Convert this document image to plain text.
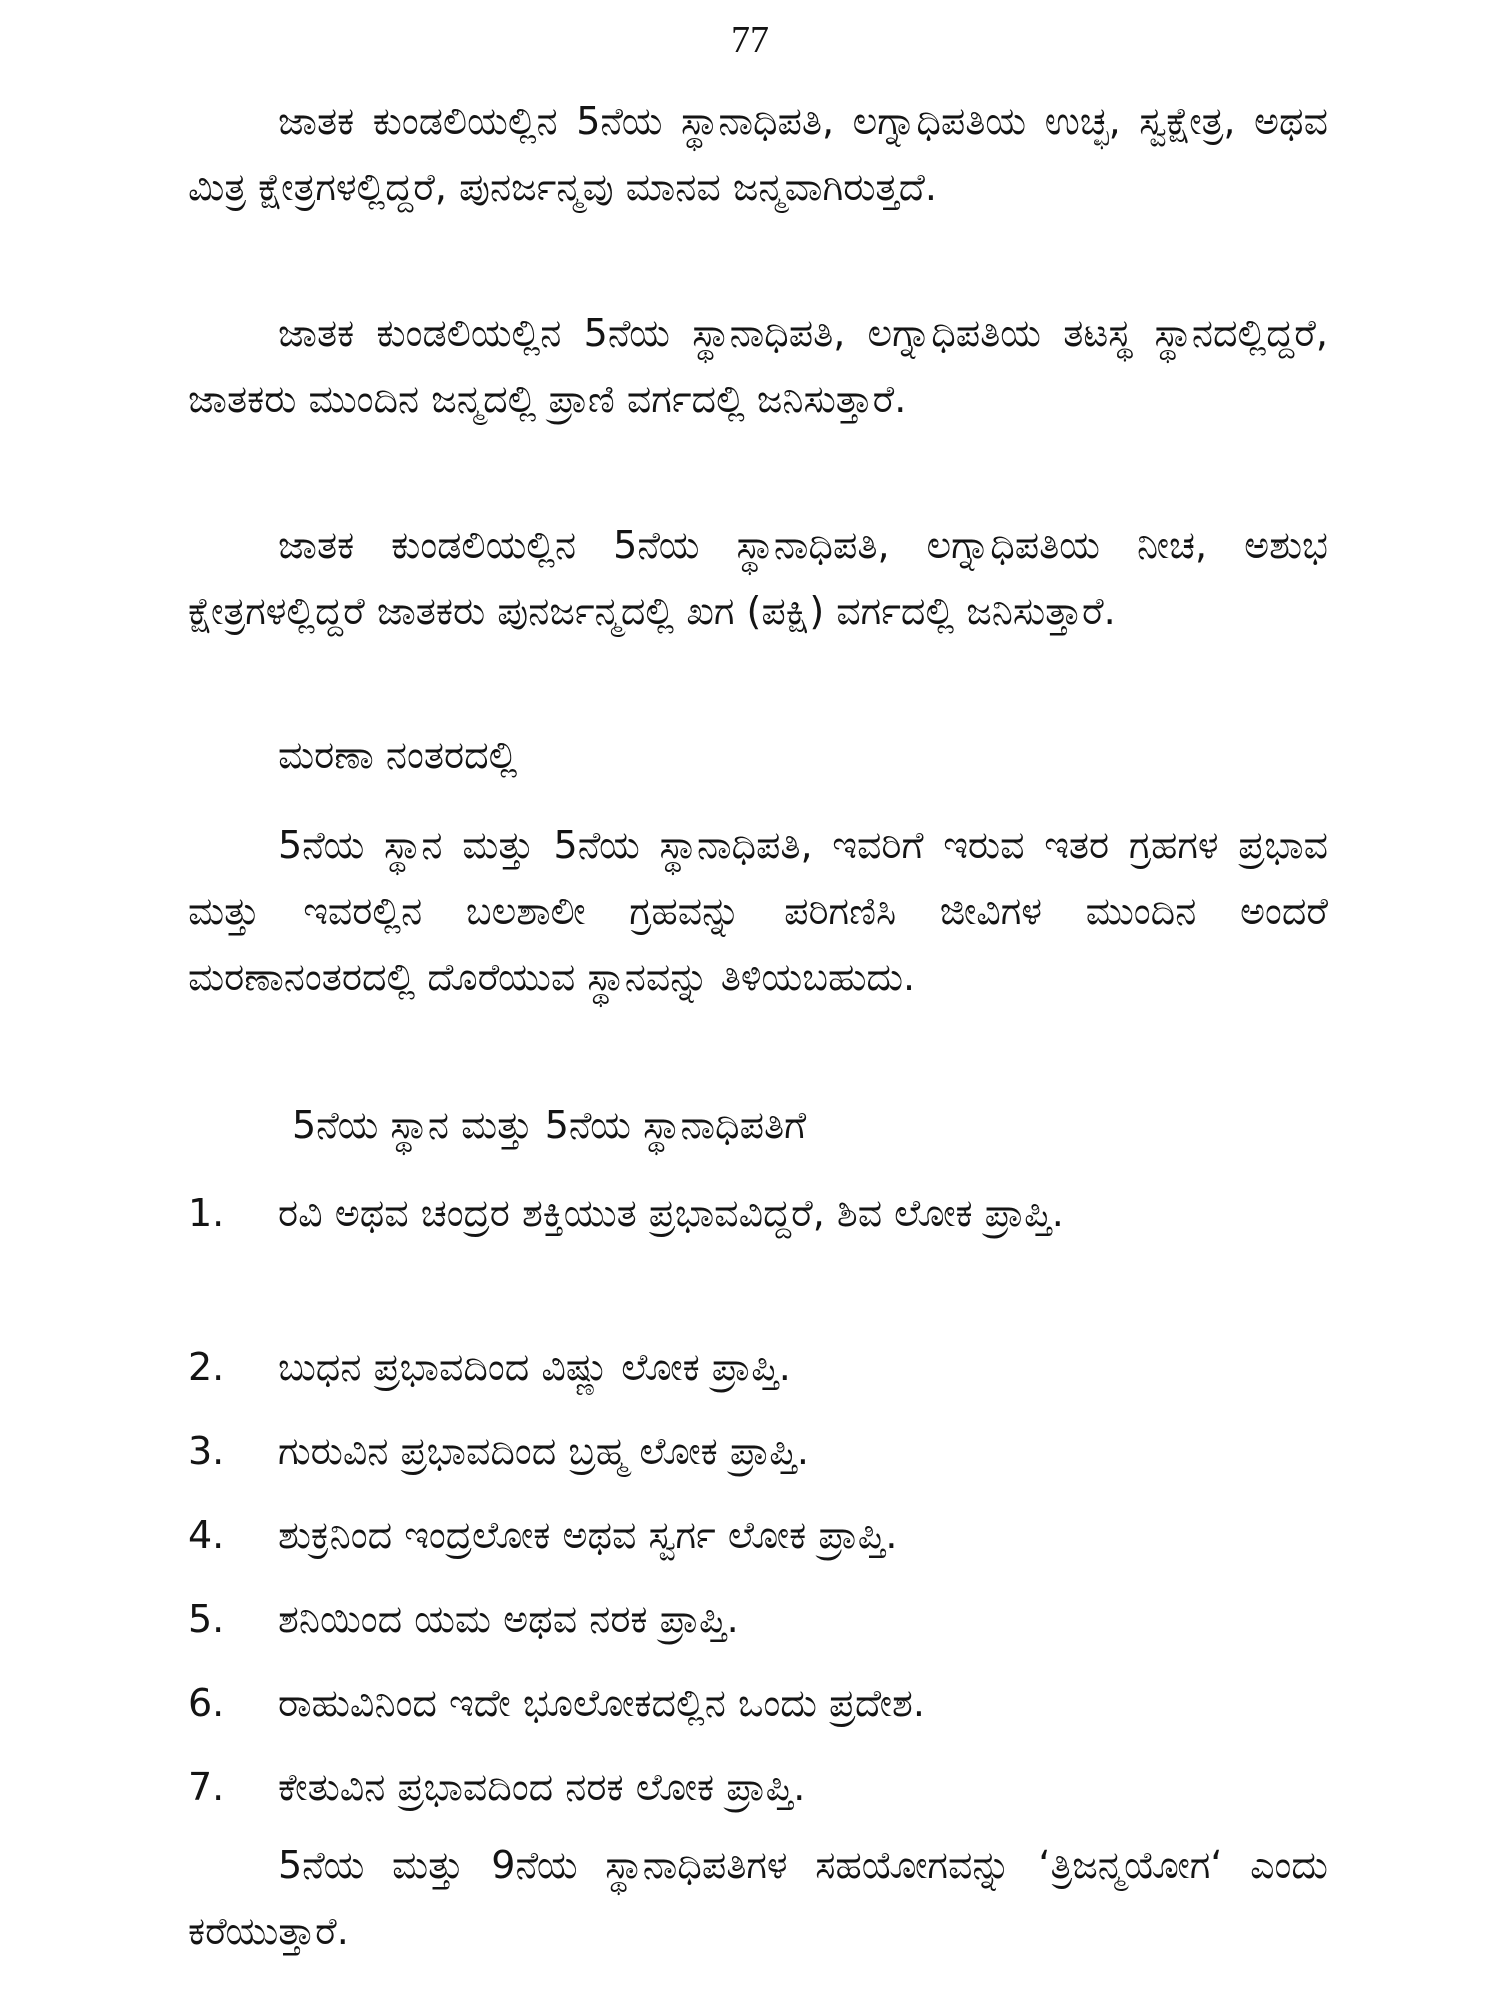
77

ಜಾತಕ ಕುಂಡಲಿಯಲ್ಲಿನ 5ನೆಯ ಸ್ಥಾನಾಧಿಪತಿ, ಲಗ್ನಾಧಿಪತಿಯ ಉಚ್ಛ, ಸ್ವಕ್ಷೇತ್ರ, ಅಥವ ಮಿತ್ರ ಕ್ಷೇತ್ರಗಳಲ್ಲಿದ್ದರೆ, ಪುನರ್ಜನ್ಮವು ಮಾನವ ಜನ್ಮವಾಗಿರುತ್ತದೆ.

ಜಾತಕ ಕುಂಡಲಿಯಲ್ಲಿನ 5ನೆಯ ಸ್ಥಾನಾಧಿಪತಿ, ಲಗ್ನಾಧಿಪತಿಯ ತಟಸ್ಥ ಸ್ಥಾನದಲ್ಲಿದ್ದರೆ, ಜಾತಕರು ಮುಂದಿನ ಜನ್ಮದಲ್ಲಿ ಪ್ರಾಣಿ ವರ್ಗದಲ್ಲಿ ಜನಿಸುತ್ತಾರೆ.

ಜಾತಕ ಕುಂಡಲಿಯಲ್ಲಿನ 5ನೆಯ ಸ್ಥಾನಾಧಿಪತಿ, ಲಗ್ನಾಧಿಪತಿಯ ನೀಚ, ಅಶುಭ ಕ್ಷೇತ್ರಗಳಲ್ಲಿದ್ದರೆ ಜಾತಕರು ಪುನರ್ಜನ್ಮದಲ್ಲಿ ಖಗ (ಪಕ್ಷಿ) ವರ್ಗದಲ್ಲಿ ಜನಿಸುತ್ತಾರೆ.

ಮರಣಾ ನಂತರದಲ್ಲಿ

5ನೆಯ ಸ್ಥಾನ ಮತ್ತು 5ನೆಯ ಸ್ಥಾನಾಧಿಪತಿ, ಇವರಿಗೆ ಇರುವ ಇತರ ಗ್ರಹಗಳ ಪ್ರಭಾವ ಮತ್ತು ಇವರಲ್ಲಿನ ಬಲಶಾಲೀ ಗ್ರಹವನ್ನು ಪರಿಗಣಿಸಿ ಜೀವಿಗಳ ಮುಂದಿನ ಅಂದರೆ ಮರಣಾನಂತರದಲ್ಲಿ ದೊರೆಯುವ ಸ್ಥಾನವನ್ನು ತಿಳಿಯಬಹುದು.

5ನೆಯ ಸ್ಥಾನ ಮತ್ತು 5ನೆಯ ಸ್ಥಾನಾಧಿಪತಿಗೆ
1.	ರವಿ ಅಥವ ಚಂದ್ರರ ಶಕ್ತಿಯುತ ಪ್ರಭಾವವಿದ್ದರೆ, ಶಿವ ಲೋಕ ಪ್ರಾಪ್ತಿ.
2.	ಬುಧನ ಪ್ರಭಾವದಿಂದ ವಿಷ್ಣು ಲೋಕ ಪ್ರಾಪ್ತಿ.
3.	ಗುರುವಿನ ಪ್ರಭಾವದಿಂದ ಬ್ರಹ್ಮ ಲೋಕ ಪ್ರಾಪ್ತಿ.
4.	ಶುಕ್ರನಿಂದ ಇಂದ್ರಲೋಕ ಅಥವ ಸ್ವರ್ಗ ಲೋಕ ಪ್ರಾಪ್ತಿ.
5.	ಶನಿಯಿಂದ ಯಮ ಅಥವ ನರಕ ಪ್ರಾಪ್ತಿ.
6.	ರಾಹುವಿನಿಂದ ಇದೇ ಭೂಲೋಕದಲ್ಲಿನ ಒಂದು ಪ್ರದೇಶ.
7.	ಕೇತುವಿನ ಪ್ರಭಾವದಿಂದ ನರಕ ಲೋಕ ಪ್ರಾಪ್ತಿ.

5ನೆಯ ಮತ್ತು 9ನೆಯ ಸ್ಥಾನಾಧಿಪತಿಗಳ ಸಹಯೋಗವನ್ನು ‘ತ್ರಿಜನ್ಮಯೋಗ‘ ಎಂದು ಕರೆಯುತ್ತಾರೆ.
